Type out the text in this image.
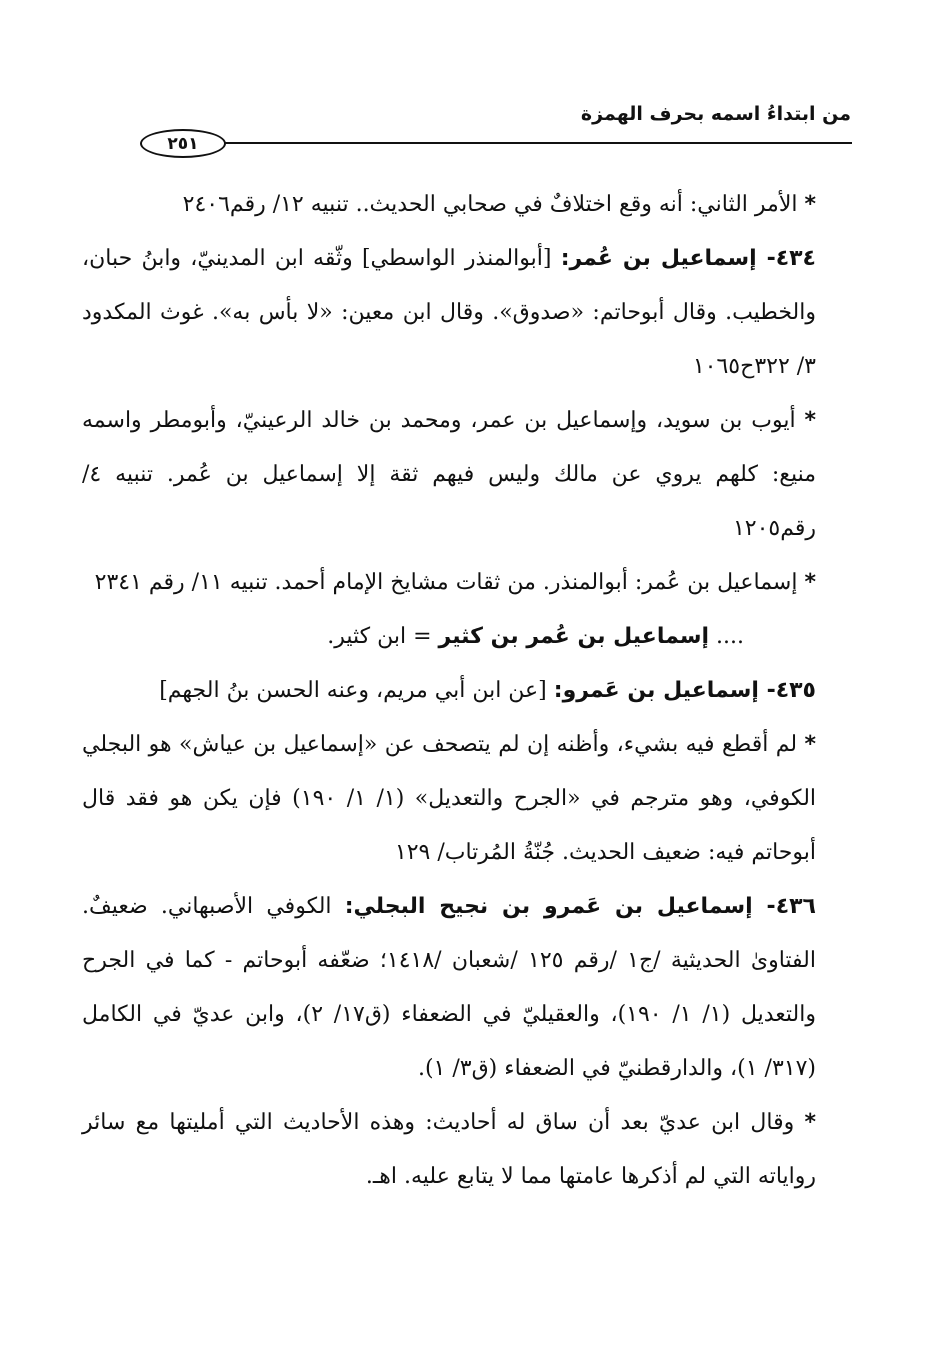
من ابتداءُ اسمه بحرف الهمزة
٢٥١

* الأمر الثاني: أنه وقع اختلافٌ في صحابي الحديث.. تنبيه ١٢/ رقم٢٤٠٦

٤٣٤- إسماعيل بن عُمر: [أبوالمنذر الواسطي] وثّقه ابن المدينيّ، وابنُ حبان، والخطيب. وقال أبوحاتم: «صدوق». وقال ابن معين: «لا بأس به». غوث المكدود ٣/ ٣٢٢ح١٠٦٥

* أيوب بن سويد، وإسماعيل بن عمر، ومحمد بن خالد الرعينيّ، وأبومطر واسمه منيع: كلهم يروي عن مالك وليس فيهم ثقة إلا إسماعيل بن عُمر. تنبيه ٤/ رقم١٢٠٥

* إسماعيل بن عُمر: أبوالمنذر. من ثقات مشايخ الإمام أحمد. تنبيه ١١/ رقم ٢٣٤١

.... إسماعيل بن عُمر بن كثير = ابن كثير.

٤٣٥- إسماعيل بن عَمرو: [عن ابن أبي مريم، وعنه الحسن بنُ الجهم]

* لم أقطع فيه بشيء، وأظنه إن لم يتصحف عن «إسماعيل بن عياش» هو البجلي الكوفي، وهو مترجم في «الجرح والتعديل» (١/ ١/ ١٩٠) فإن يكن هو فقد قال أبوحاتم فيه: ضعيف الحديث. جُنّةُ المُرتاب/ ١٢٩

٤٣٦- إسماعيل بن عَمرو بن نجيح البجلي: الكوفي الأصبهاني. ضعيفٌ. الفتاوىٰ الحديثية /ج١ /رقم ١٢٥ /شعبان /١٤١٨؛ ضعّفه أبوحاتم - كما في الجرح والتعديل (١/ ١/ ١٩٠)، والعقيليّ في الضعفاء (ق١٧/ ٢)، وابن عديّ في الكامل (٣١٧/ ١)، والدارقطنيّ في الضعفاء (ق٣/ ١).

* وقال ابن عديّ بعد أن ساق له أحاديث: وهذه الأحاديث التي أمليتها مع سائر رواياته التي لم أذكرها عامتها مما لا يتابع عليه. اهـ.
